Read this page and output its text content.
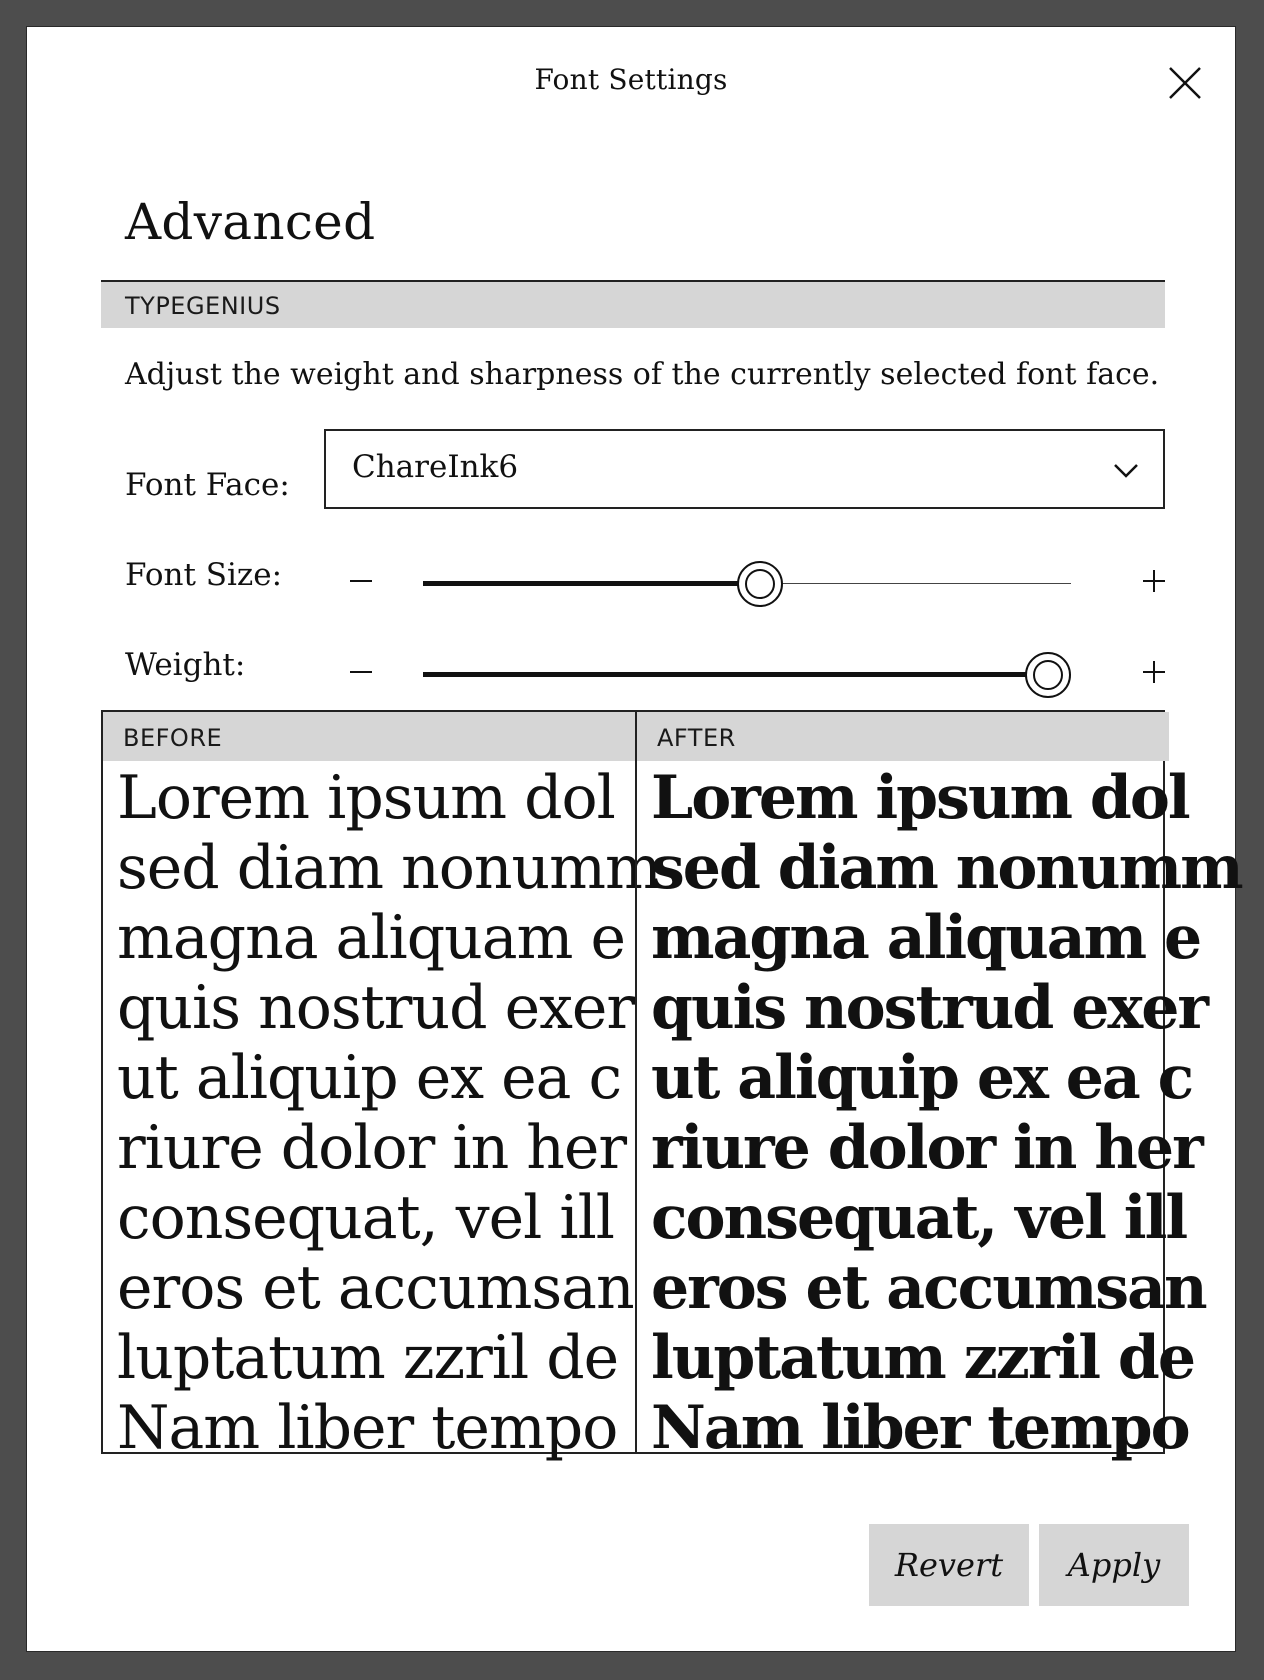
Font Settings
Advanced
TYPEGENIUS
Adjust the weight and sharpness of the currently selected font face.
Font Face: ChareInk6
Font Size:
Weight:
BEFORE
Lorem ipsum dol
sed diam nonumm
magna aliquam e
quis nostrud exer
ut aliquip ex ea c
riure dolor in her
consequat, vel ill
eros et accumsan
luptatum zzril de
Nam liber tempo
AFTER
Lorem ipsum dol
sed diam nonumm
magna aliquam e
quis nostrud exer
ut aliquip ex ea c
riure dolor in her
consequat, vel ill
eros et accumsan
luptatum zzril de
Nam liber tempo
Revert	Apply
